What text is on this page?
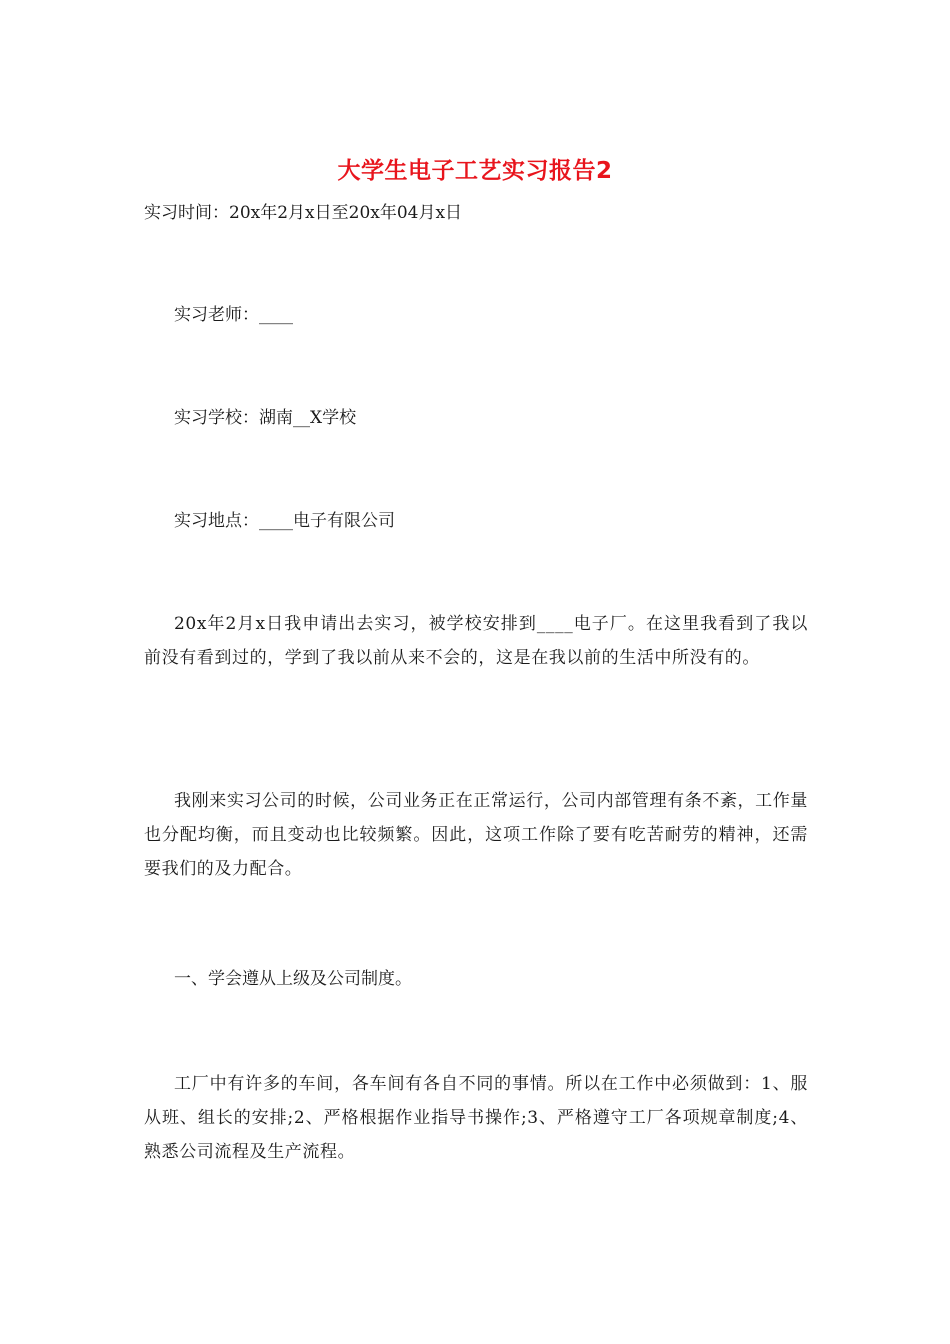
大学生电子工艺实习报告2
实习时间：20x年2月x日至20x年04月x日
实习老师：____
实习学校：湖南__X学校
实习地点：____电子有限公司
20x年2月x日我申请出去实习，被学校安排到____电子厂。在这里我看到了我以前没有看到过的，学到了我以前从来不会的，这是在我以前的生活中所没有的。
我刚来实习公司的时候，公司业务正在正常运行，公司内部管理有条不紊，工作量也分配均衡，而且变动也比较频繁。因此，这项工作除了要有吃苦耐劳的精神，还需要我们的及力配合。
一、学会遵从上级及公司制度。
工厂中有许多的车间，各车间有各自不同的事情。所以在工作中必须做到：1、服从班、组长的安排;2、严格根据作业指导书操作;3、严格遵守工厂各项规章制度;4、熟悉公司流程及生产流程。
